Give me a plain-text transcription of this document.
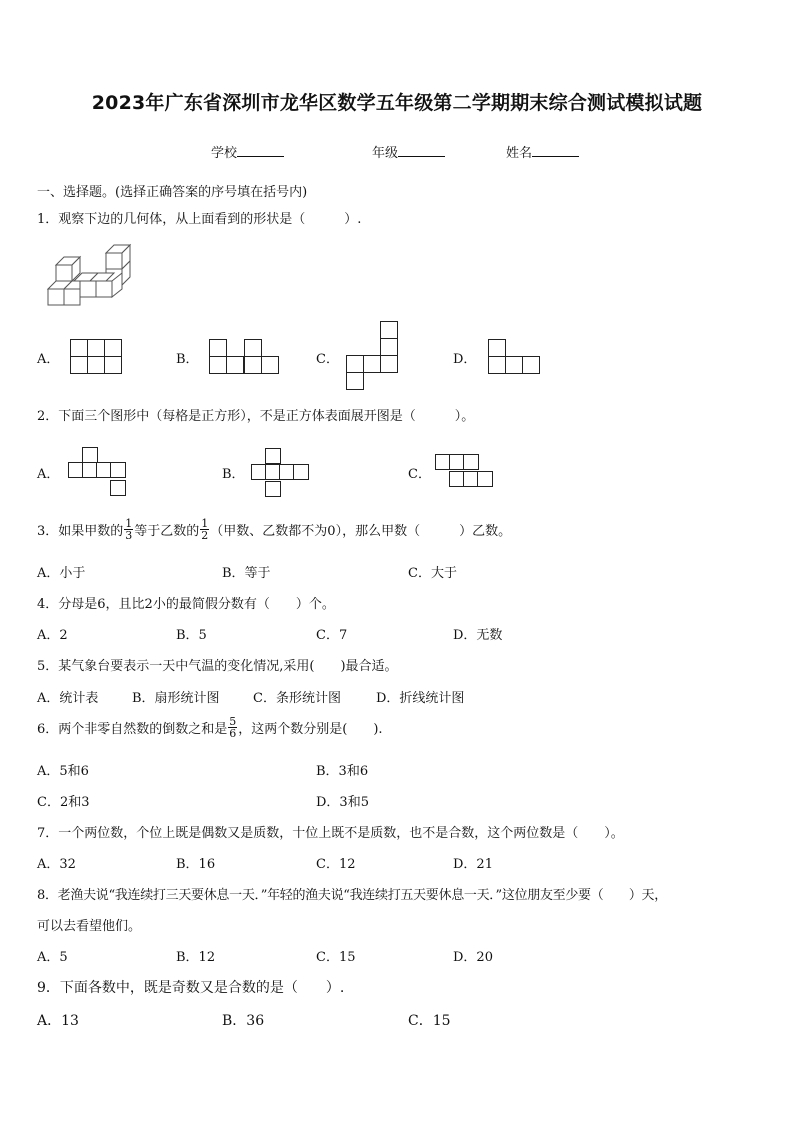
2023年广东省深圳市龙华区数学五年级第二学期期末综合测试模拟试题
学校	年级	姓名
一、选择题。(选择正确答案的序号填在括号内)
1．观察下边的几何体，从上面看到的形状是（　　　）.
A．	B．	C．	D．
2．下面三个图形中（每格是正方形），不是正方体表面展开图是（　　　）。
A．	B．	C．
3．如果甲数的 $\frac{1}{3}$ 等于乙数的 $\frac{1}{2}$ （甲数、乙数都不为0），那么甲数（　　　）乙数。
A．小于	B．等于	C．大于
4．分母是6，且比2小的最简假分数有（　　）个。
A．2	B．5	C．7	D．无数
5．某气象台要表示一天中气温的变化情况,采用(　　)最合适。
A．统计表	B．扇形统计图	C．条形统计图	D．折线统计图
6．两个非零自然数的倒数之和是 $\frac{5}{6}$ ，这两个数分别是(　　).
A．5和6	B．3和6
C．2和3	D．3和5
7．一个两位数，个位上既是偶数又是质数，十位上既不是质数，也不是合数，这个两位数是（　　）。
A．32	B．16	C．12	D．21
8．老渔夫说“我连续打三天要休息一天．”年轻的渔夫说“我连续打五天要休息一天．”这位朋友至少要（　　）天，
可以去看望他们。
A．5	B．12	C．15	D．20
9．下面各数中，既是奇数又是合数的是（　　）.
A．13	B．36	C．15
